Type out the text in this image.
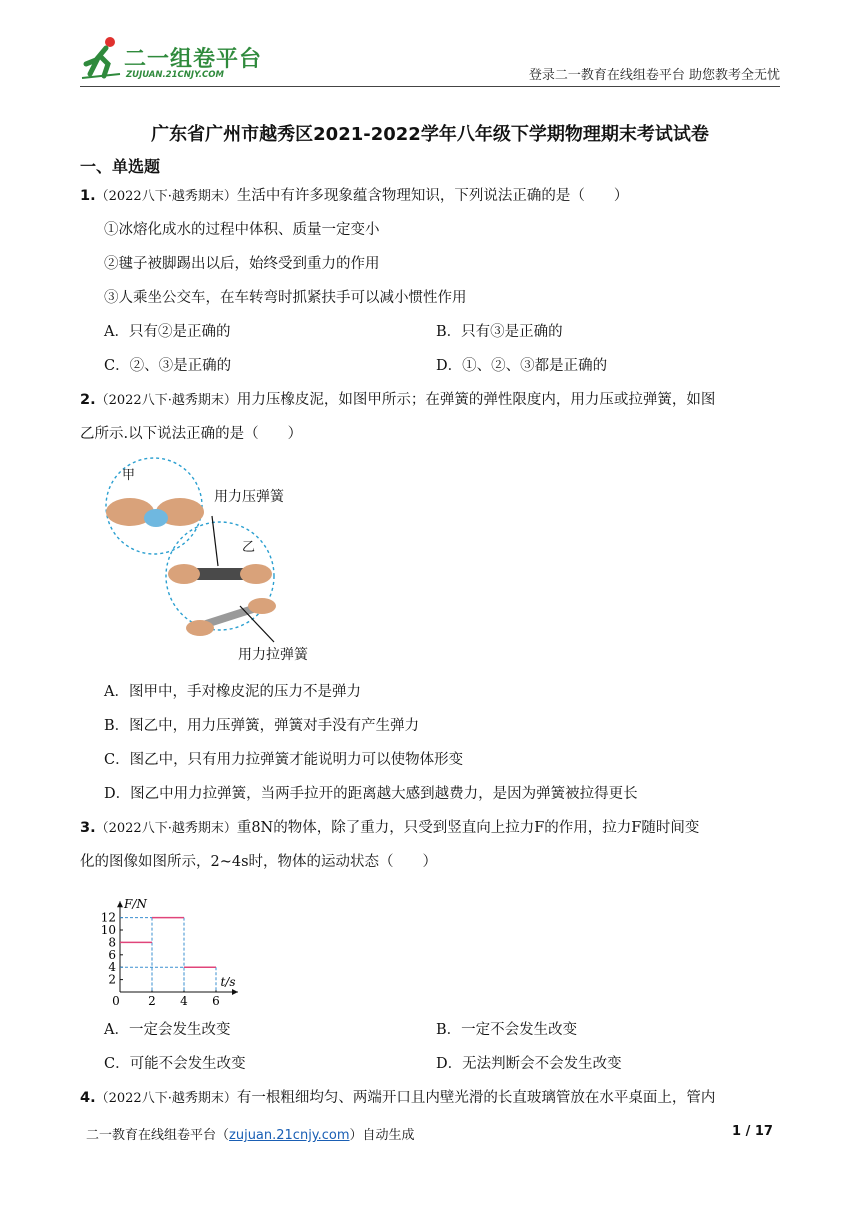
二一组卷平台
ZUJUAN.21CNJY.COM	登录二一教育在线组卷平台 助您教考全无忧
广东省广州市越秀区2021-2022学年八年级下学期物理期末考试试卷
一、单选题
1.（2022八下·越秀期末）生活中有许多现象蕴含物理知识，下列说法正确的是（　　）
①冰熔化成水的过程中体积、质量一定变小
②毽子被脚踢出以后，始终受到重力的作用
③人乘坐公交车，在车转弯时抓紧扶手可以减小惯性作用
A．只有②是正确的	B．只有③是正确的
C．②、③是正确的	D．①、②、③都是正确的
2.（2022八下·越秀期末）用力压橡皮泥，如图甲所示；在弹簧的弹性限度内，用力压或拉弹簧，如图
乙所示.以下说法正确的是（　　）
甲
乙
用力压弹簧
用力拉弹簧
A．图甲中，手对橡皮泥的压力不是弹力
B．图乙中，用力压弹簧，弹簧对手没有产生弹力
C．图乙中，只有用力拉弹簧才能说明力可以使物体形变
D．图乙中用力拉弹簧，当两手拉开的距离越大感到越费力，是因为弹簧被拉得更长
3.（2022八下·越秀期末）重8N的物体，除了重力，只受到竖直向上拉力F的作用，拉力F随时间变
化的图像如图所示，2~4s时，物体的运动状态（　　）
2
4
6
8
10
12
0 2 4 6
F/N
t/s
A．一定会发生改变	B．一定不会发生改变
C．可能不会发生改变	D．无法判断会不会发生改变
4.（2022八下·越秀期末）有一根粗细均匀、两端开口且内壁光滑的长直玻璃管放在水平桌面上，管内
二一教育在线组卷平台（zujuan.21cnjy.com）自动生成	1 / 17
